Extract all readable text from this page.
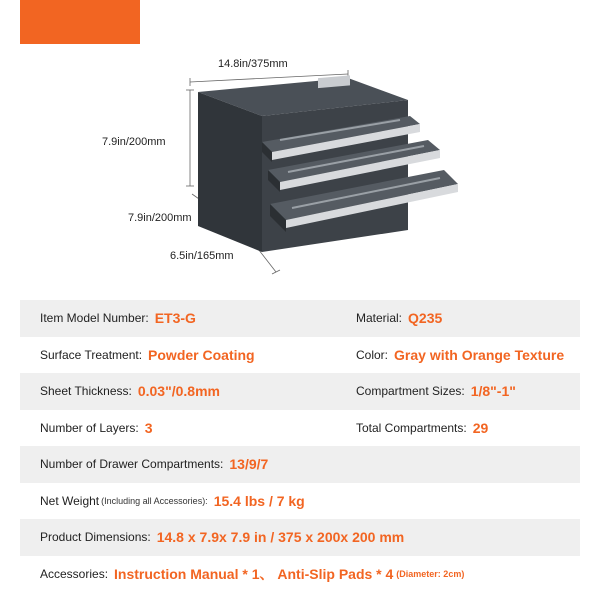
14.8in/375mm
7.9in/200mm
7.9in/200mm
6.5in/165mm
Item Model Number: ET3-G	Material: Q235
Surface Treatment: Powder Coating	Color: Gray with Orange Texture
Sheet Thickness: 0.03"/0.8mm	Compartment Sizes: 1/8"-1"
Number of Layers: 3	Total Compartments: 29
Number of Drawer Compartments: 13/9/7
Net Weight (Including all Accessories): 15.4 lbs / 7 kg
Product Dimensions: 14.8 x 7.9x 7.9 in / 375 x 200x 200 mm
Accessories: Instruction Manual * 1、 Anti-Slip Pads * 4 (Diameter: 2cm)
